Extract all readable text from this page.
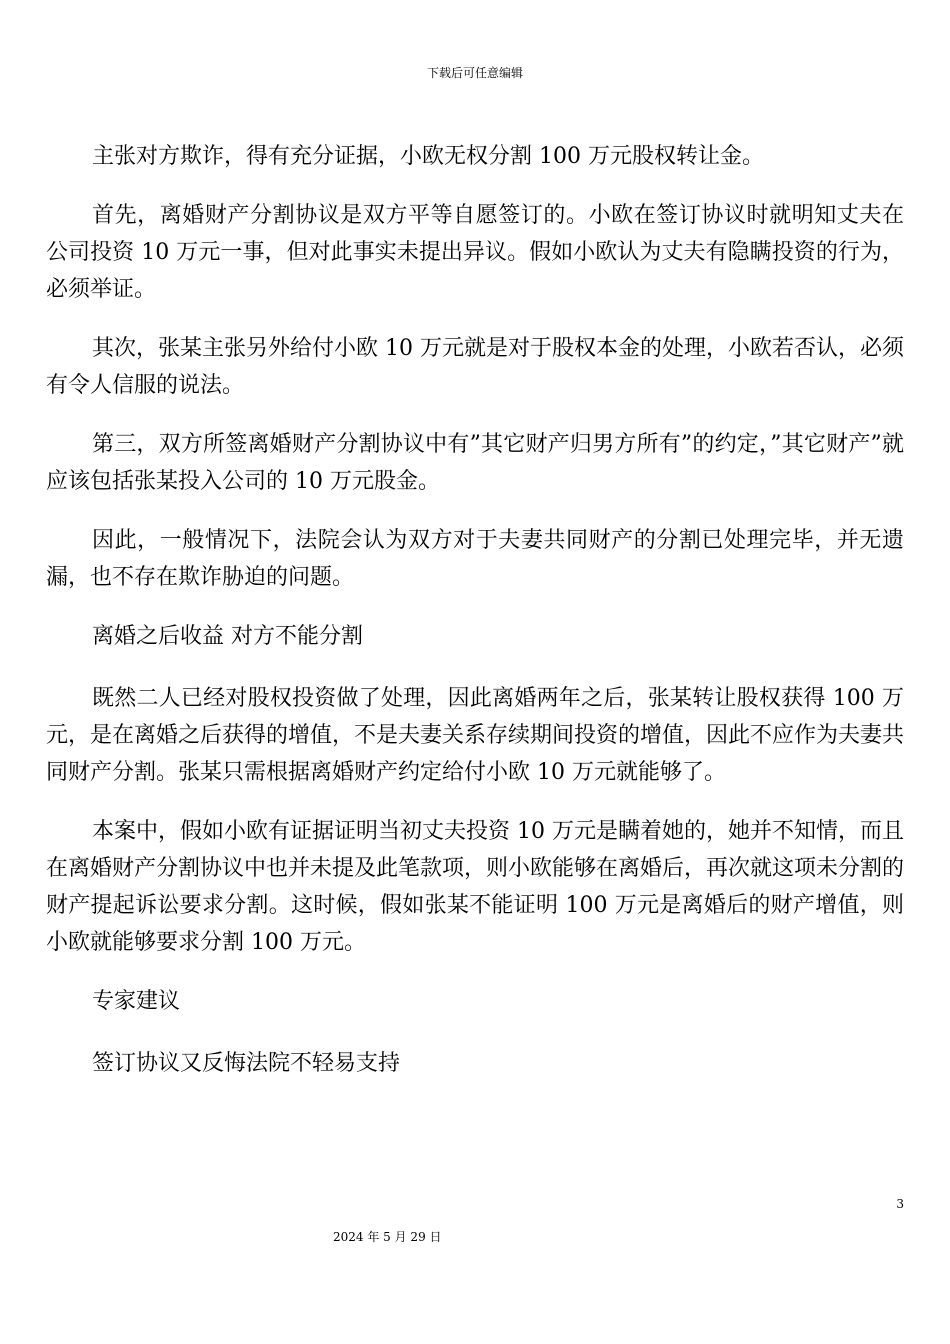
下载后可任意编辑

主张对方欺诈，得有充分证据，小欧无权分割 100 万元股权转让金。

首先，离婚财产分割协议是双方平等自愿签订的。小欧在签订协议时就明知丈夫在公司投资 10 万元一事，但对此事实未提出异议。假如小欧认为丈夫有隐瞒投资的行为，必须举证。

其次，张某主张另外给付小欧 10 万元就是对于股权本金的处理，小欧若否认，必须有令人信服的说法。

第三，双方所签离婚财产分割协议中有”其它财产归男方所有”的约定，”其它财产”就应该包括张某投入公司的 10 万元股金。

因此，一般情况下，法院会认为双方对于夫妻共同财产的分割已处理完毕，并无遗漏，也不存在欺诈胁迫的问题。

离婚之后收益 对方不能分割

既然二人已经对股权投资做了处理，因此离婚两年之后，张某转让股权获得 100 万元，是在离婚之后获得的增值，不是夫妻关系存续期间投资的增值，因此不应作为夫妻共同财产分割。张某只需根据离婚财产约定给付小欧 10 万元就能够了。

本案中，假如小欧有证据证明当初丈夫投资 10 万元是瞒着她的，她并不知情，而且在离婚财产分割协议中也并未提及此笔款项，则小欧能够在离婚后，再次就这项未分割的财产提起诉讼要求分割。这时候，假如张某不能证明 100 万元是离婚后的财产增值，则小欧就能够要求分割 100 万元。

专家建议

签订协议又反悔法院不轻易支持

3
2024 年 5 月 29 日
